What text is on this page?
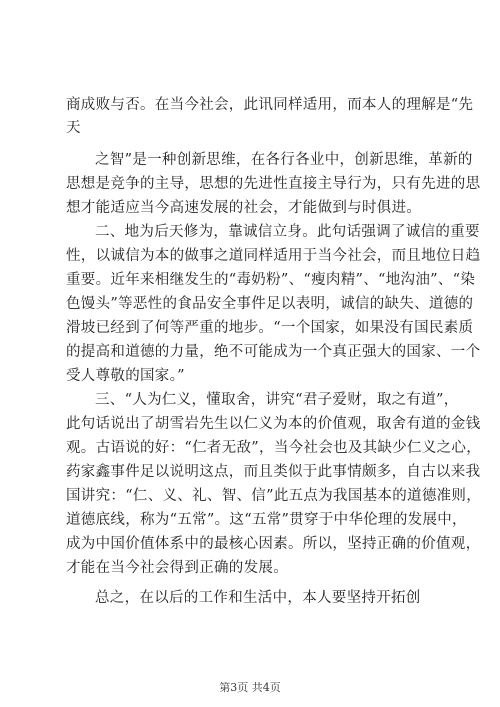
商成败与否。在当今社会，此讯同样适用，而本人的理解是“先
天
之智”是一种创新思维，在各行各业中，创新思维，革新的
思想是竞争的主导，思想的先进性直接主导行为，只有先进的思
想才能适应当今高速发展的社会，才能做到与时俱进。
二、地为后天修为，靠诚信立身。此句话强调了诚信的重要
性，以诚信为本的做事之道同样适用于当今社会，而且地位日趋
重要。近年来相继发生的“毒奶粉”、“瘦肉精”、“地沟油”、“染
色馒头”等恶性的食品安全事件足以表明，诚信的缺失、道德的
滑坡已经到了何等严重的地步。“一个国家，如果没有国民素质
的提高和道德的力量，绝不可能成为一个真正强大的国家、一个
受人尊敬的国家。”
三、“人为仁义，懂取舍，讲究“君子爱财，取之有道”，
此句话说出了胡雪岩先生以仁义为本的价值观，取舍有道的金钱
观。古语说的好：“仁者无敌”，当今社会也及其缺少仁义之心，
药家鑫事件足以说明这点，而且类似于此事情颇多，自古以来我
国讲究：“仁、义、礼、智、信”此五点为我国基本的道德准则，
道德底线，称为“五常”。这“五常”贯穿于中华伦理的发展中，
成为中国价值体系中的最核心因素。所以，坚持正确的价值观，
才能在当今社会得到正确的发展。
总之，在以后的工作和生活中，本人要坚持开拓创
第3页 共4页
